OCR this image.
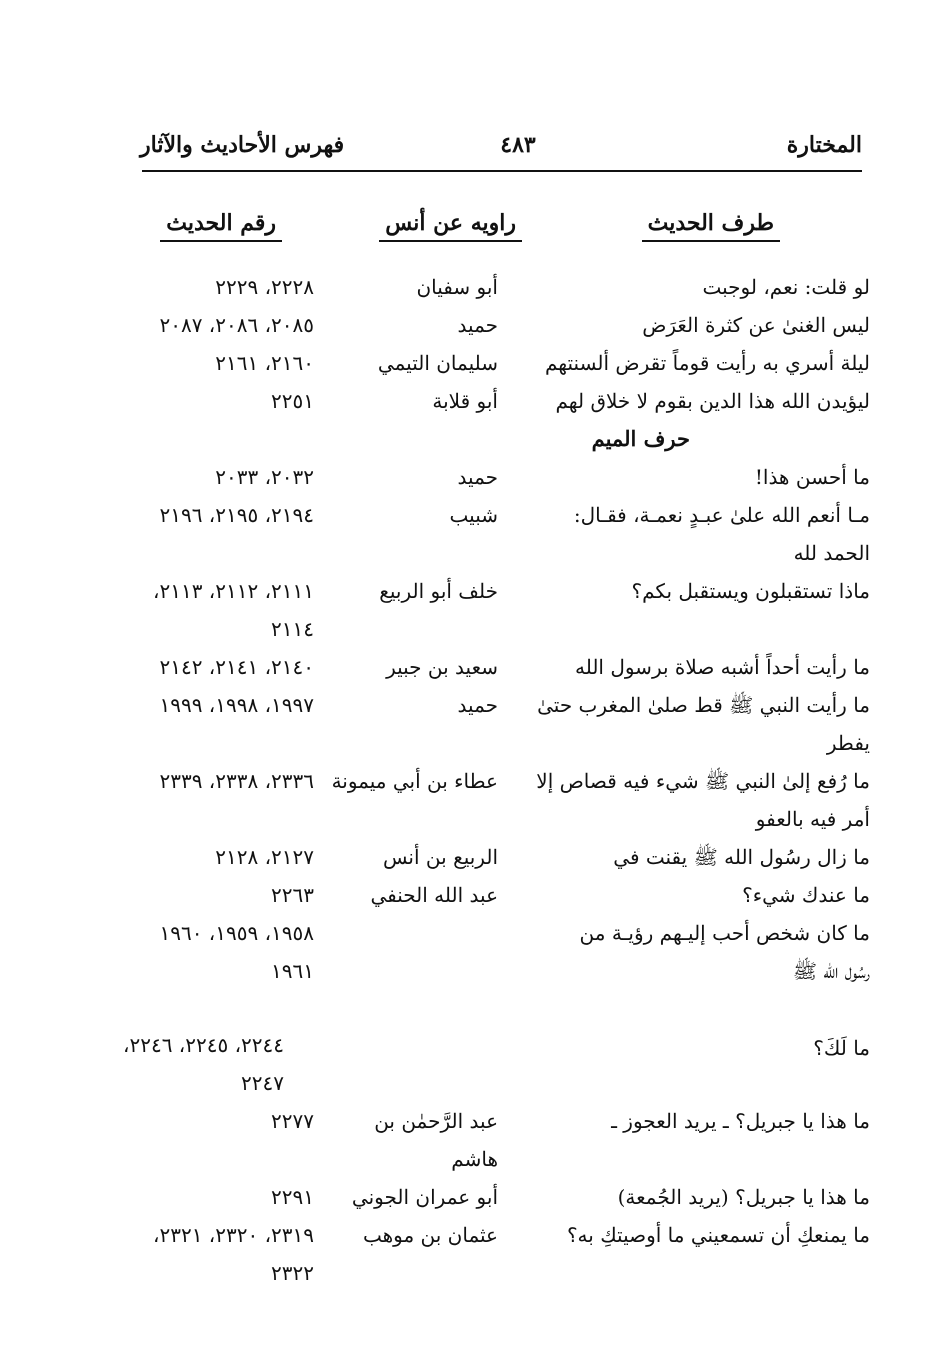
المختارة
٤٨٣
فهرس الأحاديث والآثار
طرف الحديث
راويه عن أنس
رقم الحديث
لو قلت: نعم، لوجبت
أبو سفيان
٢٢٢٨، ٢٢٢٩
ليس الغنىٰ عن كثرة العَرَض
حميد
٢٠٨٥، ٢٠٨٦، ٢٠٨٧
ليلة أسري به رأيت قوماً تقرض ألسنتهم
سليمان التيمي
٢١٦٠، ٢١٦١
ليؤيدن الله هذا الدين بقوم لا خلاق لهم
أبو قلابة
٢٢٥١
حرف الميم
ما أحسن هذا!
حميد
٢٠٣٢، ٢٠٣٣
مـا أنعم الله علىٰ عبـدٍ نعمـة، فقـال:
الحمد لله
شبيب
٢١٩٤، ٢١٩٥، ٢١٩٦
ماذا تستقبلون ويستقبل بكم؟
خلف أبو الربيع
٢١١١، ٢١١٢، ٢١١٣،
٢١١٤
ما رأيت أحداً أشبه صلاة برسول الله
سعيد بن جبير
٢١٤٠، ٢١٤١، ٢١٤٢
ما رأيت النبي ﷺ قط صلىٰ المغرب حتىٰ
يفطر
حميد
١٩٩٧، ١٩٩٨، ١٩٩٩
ما رُفع إلىٰ النبي ﷺ شيء فيه قصاص إلا
أمر فيه بالعفو
عطاء بن أبي ميمونة
٢٣٣٦، ٢٣٣٨، ٢٣٣٩
ما زال رسُول الله ﷺ يقنت في
الربيع بن أنس
٢١٢٧، ٢١٢٨
ما عندك شيء؟
عبد الله الحنفي
٢٢٦٣
ما كان شخص أحب إليـهم رؤيـة من
رسُول الله ﷺ
١٩٥٨، ١٩٥٩، ١٩٦٠
١٩٦١
ما لَكَ؟
٢٢٤٤، ٢٢٤٥، ٢٢٤٦،
٢٢٤٧
ما هذا يا جبريل؟ ـ يريد العجوز ـ
عبد الرَّحمٰن بن
هاشم
٢٢٧٧
ما هذا يا جبريل؟ (يريد الجُمعة)
أبو عمران الجوني
٢٢٩١
ما يمنعكِ أن تسمعيني ما أوصيتكِ به؟
عثمان بن موهب
٢٣١٩، ٢٣٢٠، ٢٣٢١،
٢٣٢٢
